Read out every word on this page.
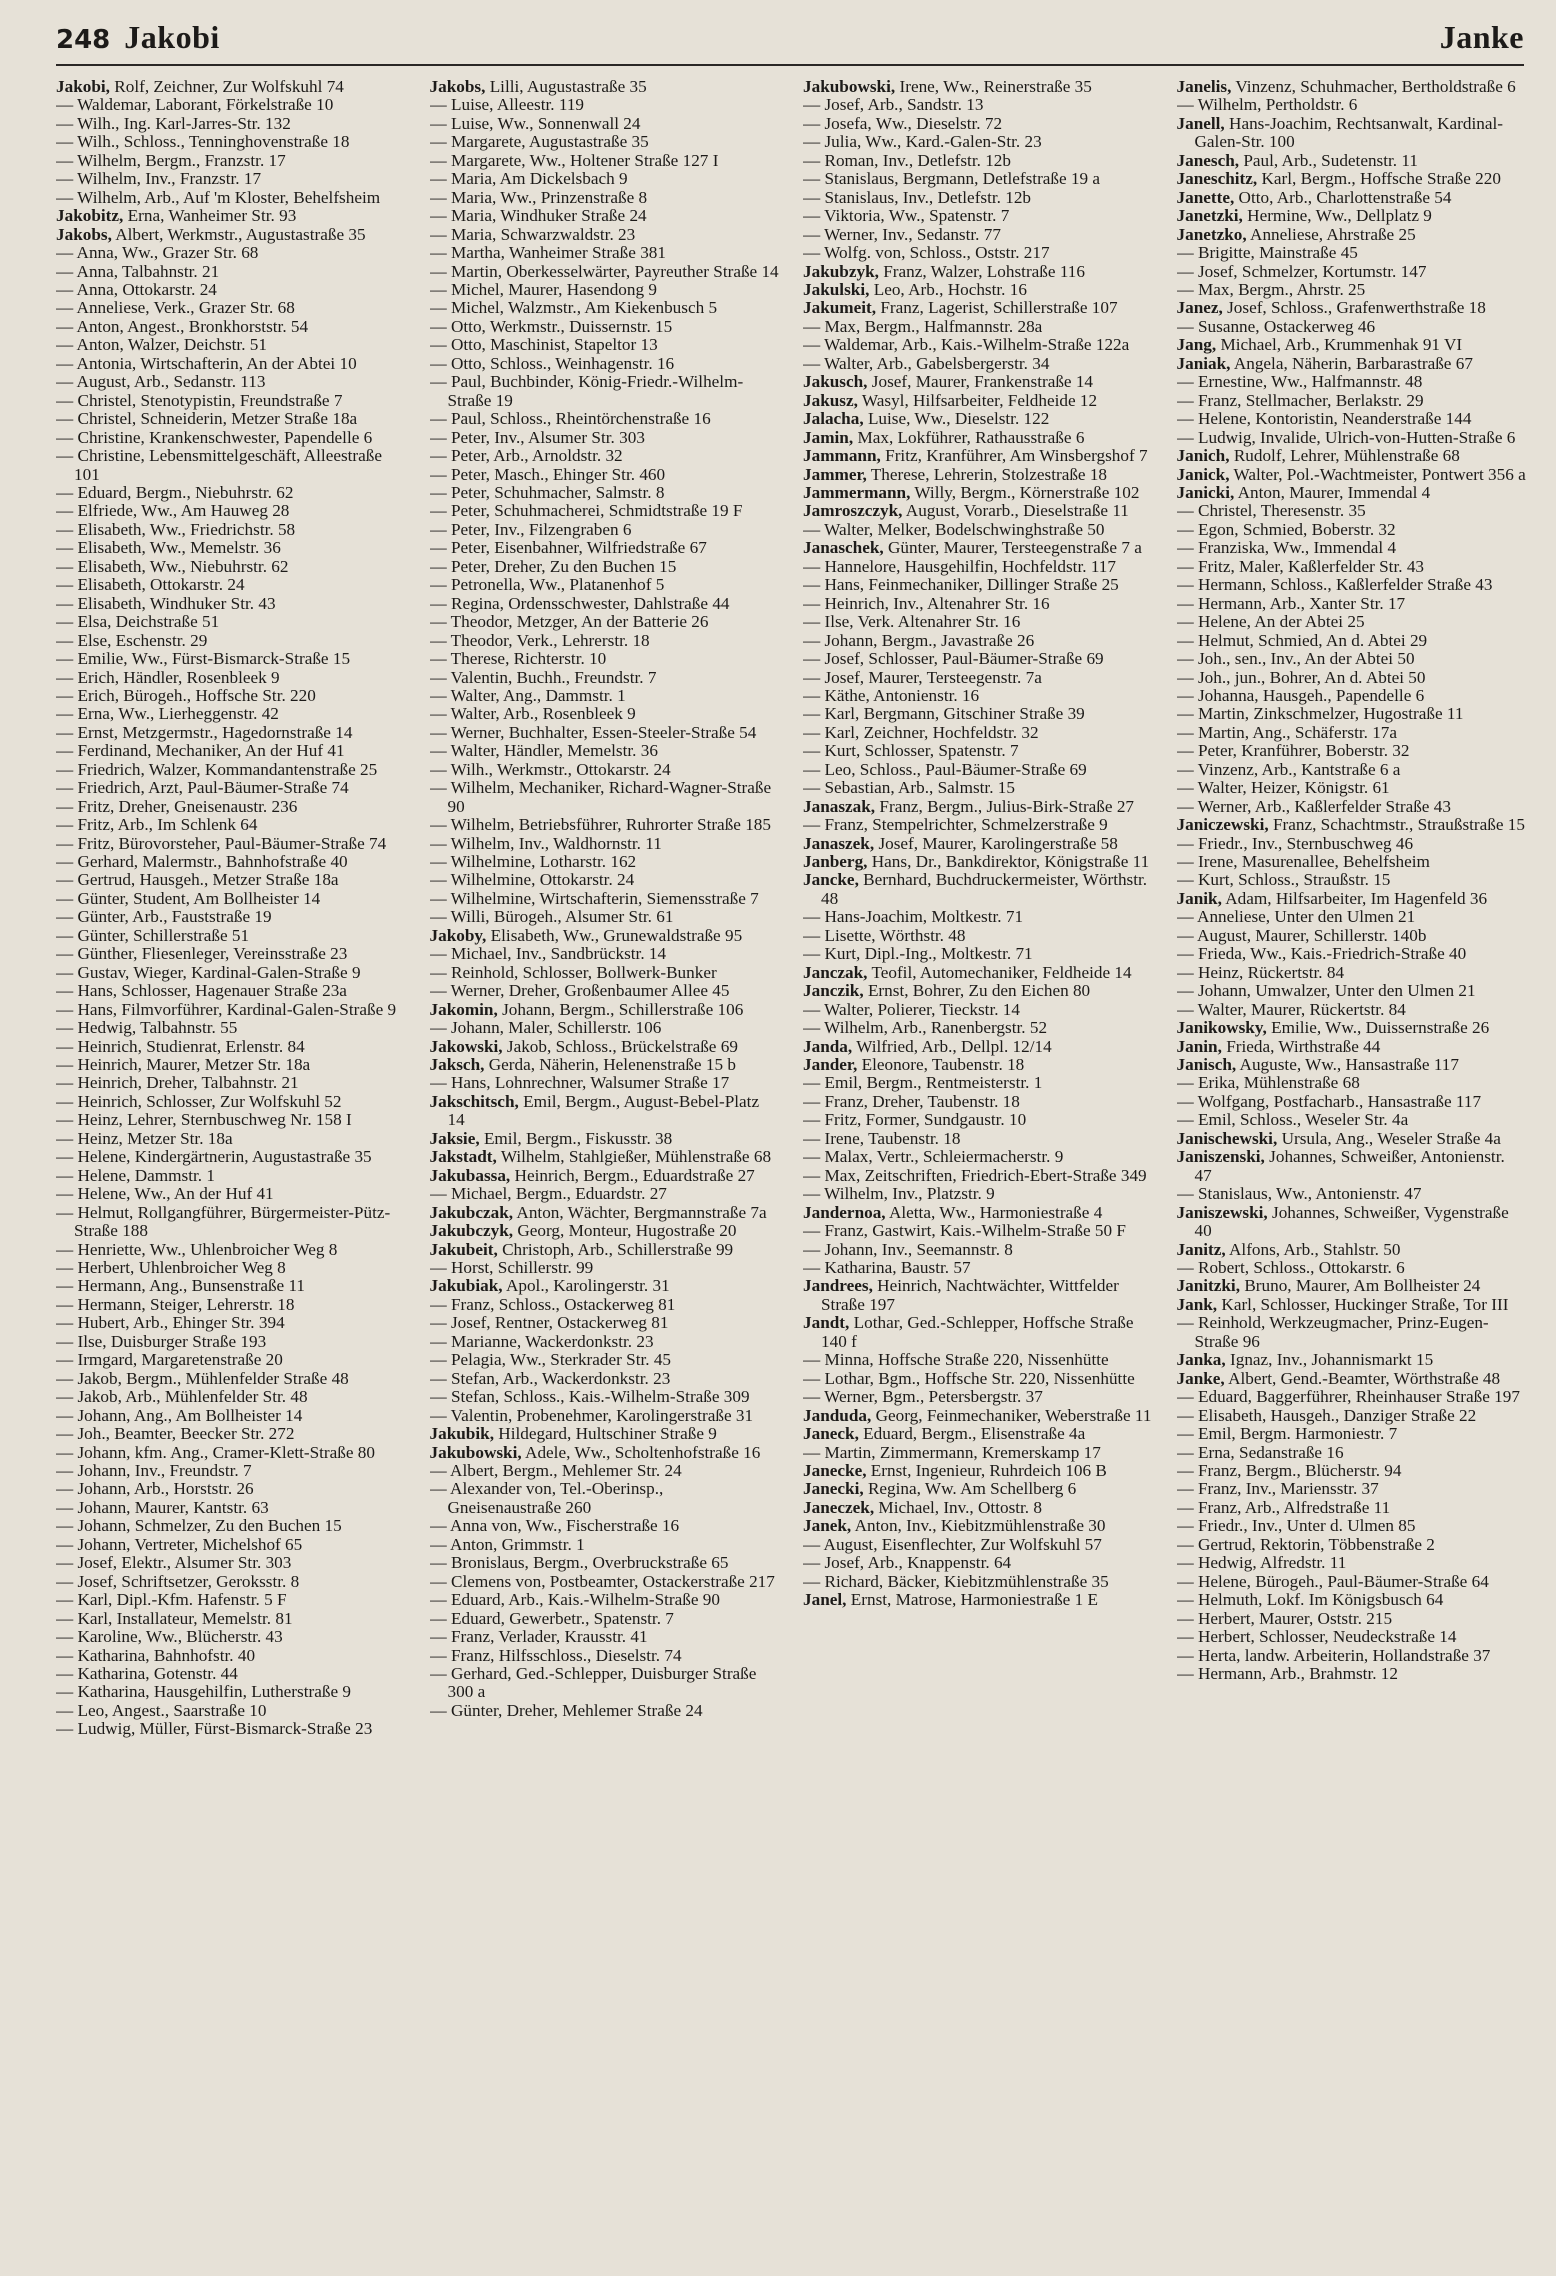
248 Jakobi	Janke
Jakobi, Rolf, Zeichner, Zur Wolfskuhl 74
— Waldemar, Laborant, Förkelstraße 10
— Wilh., Ing. Karl-Jarres-Str. 132
— Wilh., Schloss., Tenninghovenstraße 18
— Wilhelm, Bergm., Franzstr. 17
— Wilhelm, Inv., Franzstr. 17
— Wilhelm, Arb., Auf 'm Kloster, Behelfsheim
Jakobitz, Erna, Wanheimer Str. 93
Jakobs, Albert, Werkmstr., Augustastraße 35
— Anna, Ww., Grazer Str. 68
— Anna, Talbahnstr. 21
— Anna, Ottokarstr. 24
— Anneliese, Verk., Grazer Str. 68
— Anton, Angest., Bronkhorststr. 54
— Anton, Walzer, Deichstr. 51
— Antonia, Wirtschafterin, An der Abtei 10
— August, Arb., Sedanstr. 113
— Christel, Stenotypistin, Freundstraße 7
— Christel, Schneiderin, Metzer Straße 18a
— Christine, Krankenschwester, Papendelle 6
— Christine, Lebensmittelgeschäft, Alleestraße 101
— Eduard, Bergm., Niebuhrstr. 62
— Elfriede, Ww., Am Hauweg 28
— Elisabeth, Ww., Friedrichstr. 58
— Elisabeth, Ww., Memelstr. 36
— Elisabeth, Ww., Niebuhrstr. 62
— Elisabeth, Ottokarstr. 24
— Elisabeth, Windhuker Str. 43
— Elsa, Deichstraße 51
— Else, Eschenstr. 29
— Emilie, Ww., Fürst-Bismarck-Straße 15
— Erich, Händler, Rosenbleek 9
— Erich, Bürogeh., Hoffsche Str. 220
— Erna, Ww., Lierheggenstr. 42
— Ernst, Metzgermstr., Hagedornstraße 14
— Ferdinand, Mechaniker, An der Huf 41
— Friedrich, Walzer, Kommandantenstraße 25
— Friedrich, Arzt, Paul-Bäumer-Straße 74
— Fritz, Dreher, Gneisenaustr. 236
— Fritz, Arb., Im Schlenk 64
— Fritz, Bürovorsteher, Paul-Bäumer-Straße 74
— Gerhard, Malermstr., Bahnhofstraße 40
— Gertrud, Hausgeh., Metzer Straße 18a
— Günter, Student, Am Bollheister 14
— Günter, Arb., Fauststraße 19
— Günter, Schillerstraße 51
— Günther, Fliesenleger, Vereinsstraße 23
— Gustav, Wieger, Kardinal-Galen-Straße 9
— Hans, Schlosser, Hagenauer Straße 23a
— Hans, Filmvorführer, Kardinal-Galen-Straße 9
— Hedwig, Talbahnstr. 55
— Heinrich, Studienrat, Erlenstr. 84
— Heinrich, Maurer, Metzer Str. 18a
— Heinrich, Dreher, Talbahnstr. 21
— Heinrich, Schlosser, Zur Wolfskuhl 52
— Heinz, Lehrer, Sternbuschweg Nr. 158 I
— Heinz, Metzer Str. 18a
— Helene, Kindergärtnerin, Augustastraße 35
— Helene, Dammstr. 1
— Helene, Ww., An der Huf 41
— Helmut, Rollgangführer, Bürgermeister-Pütz-Straße 188
— Henriette, Ww., Uhlenbroicher Weg 8
— Herbert, Uhlenbroicher Weg 8
— Hermann, Ang., Bunsenstraße 11
— Hermann, Steiger, Lehrerstr. 18
— Hubert, Arb., Ehinger Str. 394
— Ilse, Duisburger Straße 193
— Irmgard, Margaretenstraße 20
— Jakob, Bergm., Mühlenfelder Straße 48
— Jakob, Arb., Mühlenfelder Str. 48
— Johann, Ang., Am Bollheister 14
— Joh., Beamter, Beecker Str. 272
— Johann, kfm. Ang., Cramer-Klett-Straße 80
— Johann, Inv., Freundstr. 7
— Johann, Arb., Horststr. 26
— Johann, Maurer, Kantstr. 63
— Johann, Schmelzer, Zu den Buchen 15
— Johann, Vertreter, Michelshof 65
— Josef, Elektr., Alsumer Str. 303
— Josef, Schriftsetzer, Geroksstr. 8
— Karl, Dipl.-Kfm. Hafenstr. 5 F
— Karl, Installateur, Memelstr. 81
— Karoline, Ww., Blücherstr. 43
— Katharina, Bahnhofstr. 40
— Katharina, Gotenstr. 44
— Katharina, Hausgehilfin, Lutherstraße 9
— Leo, Angest., Saarstraße 10
— Ludwig, Müller, Fürst-Bismarck-Straße 23
Jakobs, Lilli, Augustastraße 35
— Luise, Alleestr. 119
— Luise, Ww., Sonnenwall 24
— Margarete, Augustastraße 35
— Margarete, Ww., Holtener Straße 127 I
— Maria, Am Dickelsbach 9
— Maria, Ww., Prinzenstraße 8
— Maria, Windhuker Straße 24
— Maria, Schwarzwaldstr. 23
— Martha, Wanheimer Straße 381
— Martin, Oberkesselwärter, Payreuther Straße 14
— Michel, Maurer, Hasendong 9
— Michel, Walzmstr., Am Kiekenbusch 5
— Otto, Werkmstr., Duissernstr. 15
— Otto, Maschinist, Stapeltor 13
— Otto, Schloss., Weinhagenstr. 16
— Paul, Buchbinder, König-Friedr.-Wilhelm-Straße 19
— Paul, Schloss., Rheintörchenstraße 16
— Peter, Inv., Alsumer Str. 303
— Peter, Arb., Arnoldstr. 32
— Peter, Masch., Ehinger Str. 460
— Peter, Schuhmacher, Salmstr. 8
— Peter, Schuhmacherei, Schmidtstraße 19 F
— Peter, Inv., Filzengraben 6
— Peter, Eisenbahner, Wilfriedstraße 67
— Peter, Dreher, Zu den Buchen 15
— Petronella, Ww., Platanenhof 5
— Regina, Ordensschwester, Dahlstraße 44
— Theodor, Metzger, An der Batterie 26
— Theodor, Verk., Lehrerstr. 18
— Therese, Richterstr. 10
— Valentin, Buchh., Freundstr. 7
— Walter, Ang., Dammstr. 1
— Walter, Arb., Rosenbleek 9
— Werner, Buchhalter, Essen-Steeler-Straße 54
— Walter, Händler, Memelstr. 36
— Wilh., Werkmstr., Ottokarstr. 24
— Wilhelm, Mechaniker, Richard-Wagner-Straße 90
— Wilhelm, Betriebsführer, Ruhrorter Straße 185
— Wilhelm, Inv., Waldhornstr. 11
— Wilhelmine, Lotharstr. 162
— Wilhelmine, Ottokarstr. 24
— Wilhelmine, Wirtschafterin, Siemensstraße 7
— Willi, Bürogeh., Alsumer Str. 61
Jakoby, Elisabeth, Ww., Grunewaldstraße 95
— Michael, Inv., Sandbrückstr. 14
— Reinhold, Schlosser, Bollwerk-Bunker
— Werner, Dreher, Großenbaumer Allee 45
Jakomin, Johann, Bergm., Schillerstraße 106
— Johann, Maler, Schillerstr. 106
Jakowski, Jakob, Schloss., Brückelstraße 69
Jaksch, Gerda, Näherin, Helenenstraße 15 b
— Hans, Lohnrechner, Walsumer Straße 17
Jakschitsch, Emil, Bergm., August-Bebel-Platz 14
Jaksie, Emil, Bergm., Fiskusstr. 38
Jakstadt, Wilhelm, Stahlgießer, Mühlenstraße 68
Jakubassa, Heinrich, Bergm., Eduardstraße 27
— Michael, Bergm., Eduardstr. 27
Jakubczak, Anton, Wächter, Bergmannstraße 7a
Jakubczyk, Georg, Monteur, Hugostraße 20
Jakubeit, Christoph, Arb., Schillerstraße 99
— Horst, Schillerstr. 99
Jakubiak, Apol., Karolingerstr. 31
— Franz, Schloss., Ostackerweg 81
— Josef, Rentner, Ostackerweg 81
— Marianne, Wackerdonkstr. 23
— Pelagia, Ww., Sterkrader Str. 45
— Stefan, Arb., Wackerdonkstr. 23
— Stefan, Schloss., Kais.-Wilhelm-Straße 309
— Valentin, Probenehmer, Karolingerstraße 31
Jakubik, Hildegard, Hultschiner Straße 9
Jakubowski, Adele, Ww., Scholtenhofstraße 16
— Albert, Bergm., Mehlemer Str. 24
— Alexander von, Tel.-Oberinsp., Gneisenaustraße 260
— Anna von, Ww., Fischerstraße 16
— Anton, Grimmstr. 1
— Bronislaus, Bergm., Overbruckstraße 65
— Clemens von, Postbeamter, Ostackerstraße 217
— Eduard, Arb., Kais.-Wilhelm-Straße 90
— Eduard, Gewerbetr., Spatenstr. 7
— Franz, Verlader, Krausstr. 41
— Franz, Hilfsschloss., Dieselstr. 74
— Gerhard, Ged.-Schlepper, Duisburger Straße 300 a
— Günter, Dreher, Mehlemer Straße 24
Jakubowski, Irene, Ww., Reinerstraße 35
— Josef, Arb., Sandstr. 13
— Josefa, Ww., Dieselstr. 72
— Julia, Ww., Kard.-Galen-Str. 23
— Roman, Inv., Detlefstr. 12b
— Stanislaus, Bergmann, Detlefstraße 19 a
— Stanislaus, Inv., Detlefstr. 12b
— Viktoria, Ww., Spatenstr. 7
— Werner, Inv., Sedanstr. 77
— Wolfg. von, Schloss., Oststr. 217
Jakubzyk, Franz, Walzer, Lohstraße 116
Jakulski, Leo, Arb., Hochstr. 16
Jakumeit, Franz, Lagerist, Schillerstraße 107
— Max, Bergm., Halfmannstr. 28a
— Waldemar, Arb., Kais.-Wilhelm-Straße 122a
— Walter, Arb., Gabelsbergerstr. 34
Jakusch, Josef, Maurer, Frankenstraße 14
Jakusz, Wasyl, Hilfsarbeiter, Feldheide 12
Jalacha, Luise, Ww., Dieselstr. 122
Jamin, Max, Lokführer, Rathausstraße 6
Jammann, Fritz, Kranführer, Am Winsbergshof 7
Jammer, Therese, Lehrerin, Stolzestraße 18
Jammermann, Willy, Bergm., Körnerstraße 102
Jamroszczyk, August, Vorarb., Dieselstraße 11
— Walter, Melker, Bodelschwinghstraße 50
Janaschek, Günter, Maurer, Tersteegenstraße 7 a
— Hannelore, Hausgehilfin, Hochfeldstr. 117
— Hans, Feinmechaniker, Dillinger Straße 25
— Heinrich, Inv., Altenahrer Str. 16
— Ilse, Verk. Altenahrer Str. 16
— Johann, Bergm., Javastraße 26
— Josef, Schlosser, Paul-Bäumer-Straße 69
— Josef, Maurer, Tersteegenstr. 7a
— Käthe, Antonienstr. 16
— Karl, Bergmann, Gitschiner Straße 39
— Karl, Zeichner, Hochfeldstr. 32
— Kurt, Schlosser, Spatenstr. 7
— Leo, Schloss., Paul-Bäumer-Straße 69
— Sebastian, Arb., Salmstr. 15
Janaszak, Franz, Bergm., Julius-Birk-Straße 27
— Franz, Stempelrichter, Schmelzerstraße 9
Janaszek, Josef, Maurer, Karolingerstraße 58
Janberg, Hans, Dr., Bankdirektor, Königstraße 11
Jancke, Bernhard, Buchdruckermeister, Wörthstr. 48
— Hans-Joachim, Moltkestr. 71
— Lisette, Wörthstr. 48
— Kurt, Dipl.-Ing., Moltkestr. 71
Janczak, Teofil, Automechaniker, Feldheide 14
Janczik, Ernst, Bohrer, Zu den Eichen 80
— Walter, Polierer, Tieckstr. 14
— Wilhelm, Arb., Ranenbergstr. 52
Janda, Wilfried, Arb., Dellpl. 12/14
Jander, Eleonore, Taubenstr. 18
— Emil, Bergm., Rentmeisterstr. 1
— Franz, Dreher, Taubenstr. 18
— Fritz, Former, Sundgaustr. 10
— Irene, Taubenstr. 18
— Malax, Vertr., Schleiermacherstr. 9
— Max, Zeitschriften, Friedrich-Ebert-Straße 349
— Wilhelm, Inv., Platzstr. 9
Jandernoa, Aletta, Ww., Harmoniestraße 4
— Franz, Gastwirt, Kais.-Wilhelm-Straße 50 F
— Johann, Inv., Seemannstr. 8
— Katharina, Baustr. 57
Jandrees, Heinrich, Nachtwächter, Wittfelder Straße 197
Jandt, Lothar, Ged.-Schlepper, Hoffsche Straße 140 f
— Minna, Hoffsche Straße 220, Nissenhütte
— Lothar, Bgm., Hoffsche Str. 220, Nissenhütte
— Werner, Bgm., Petersbergstr. 37
Janduda, Georg, Feinmechaniker, Weberstraße 11
Janeck, Eduard, Bergm., Elisenstraße 4a
— Martin, Zimmermann, Kremerskamp 17
Janecke, Ernst, Ingenieur, Ruhrdeich 106 B
Janecki, Regina, Ww. Am Schellberg 6
Janeczek, Michael, Inv., Ottostr. 8
Janek, Anton, Inv., Kiebitzmühlenstraße 30
— August, Eisenflechter, Zur Wolfskuhl 57
— Josef, Arb., Knappenstr. 64
— Richard, Bäcker, Kiebitzmühlenstraße 35
Janel, Ernst, Matrose, Harmoniestraße 1 E
Janelis, Vinzenz, Schuhmacher, Bertholdstraße 6
— Wilhelm, Pertholdstr. 6
Janell, Hans-Joachim, Rechtsanwalt, Kardinal-Galen-Str. 100
Janesch, Paul, Arb., Sudetenstr. 11
Janeschitz, Karl, Bergm., Hoffsche Straße 220
Janette, Otto, Arb., Charlottenstraße 54
Janetzki, Hermine, Ww., Dellplatz 9
Janetzko, Anneliese, Ahrstraße 25
— Brigitte, Mainstraße 45
— Josef, Schmelzer, Kortumstr. 147
— Max, Bergm., Ahrstr. 25
Janez, Josef, Schloss., Grafenwerthstraße 18
— Susanne, Ostackerweg 46
Jang, Michael, Arb., Krummenhak 91 VI
Janiak, Angela, Näherin, Barbarastraße 67
— Ernestine, Ww., Halfmannstr. 48
— Franz, Stellmacher, Berlakstr. 29
— Helene, Kontoristin, Neanderstraße 144
— Ludwig, Invalide, Ulrich-von-Hutten-Straße 6
Janich, Rudolf, Lehrer, Mühlenstraße 68
Janick, Walter, Pol.-Wachtmeister, Pontwert 356 a
Janicki, Anton, Maurer, Immendal 4
— Christel, Theresenstr. 35
— Egon, Schmied, Boberstr. 32
— Franziska, Ww., Immendal 4
— Fritz, Maler, Kaßlerfelder Str. 43
— Hermann, Schloss., Kaßlerfelder Straße 43
— Hermann, Arb., Xanter Str. 17
— Helene, An der Abtei 25
— Helmut, Schmied, An d. Abtei 29
— Joh., sen., Inv., An der Abtei 50
— Joh., jun., Bohrer, An d. Abtei 50
— Johanna, Hausgeh., Papendelle 6
— Martin, Zinkschmelzer, Hugostraße 11
— Martin, Ang., Schäferstr. 17a
— Peter, Kranführer, Boberstr. 32
— Vinzenz, Arb., Kantstraße 6 a
— Walter, Heizer, Königstr. 61
— Werner, Arb., Kaßlerfelder Straße 43
Janiczewski, Franz, Schachtmstr., Straußstraße 15
— Friedr., Inv., Sternbuschweg 46
— Irene, Masurenallee, Behelfsheim
— Kurt, Schloss., Straußstr. 15
Janik, Adam, Hilfsarbeiter, Im Hagenfeld 36
— Anneliese, Unter den Ulmen 21
— August, Maurer, Schillerstr. 140b
— Frieda, Ww., Kais.-Friedrich-Straße 40
— Heinz, Rückertstr. 84
— Johann, Umwalzer, Unter den Ulmen 21
— Walter, Maurer, Rückertstr. 84
Janikowsky, Emilie, Ww., Duissernstraße 26
Janin, Frieda, Wirthstraße 44
Janisch, Auguste, Ww., Hansastraße 117
— Erika, Mühlenstraße 68
— Wolfgang, Postfacharb., Hansastraße 117
— Emil, Schloss., Weseler Str. 4a
Janischewski, Ursula, Ang., Weseler Straße 4a
Janiszenski, Johannes, Schweißer, Antonienstr. 47
— Stanislaus, Ww., Antonienstr. 47
Janiszewski, Johannes, Schweißer, Vygenstraße 40
Janitz, Alfons, Arb., Stahlstr. 50
— Robert, Schloss., Ottokarstr. 6
Janitzki, Bruno, Maurer, Am Bollheister 24
Jank, Karl, Schlosser, Huckinger Straße, Tor III
— Reinhold, Werkzeugmacher, Prinz-Eugen-Straße 96
Janka, Ignaz, Inv., Johannismarkt 15
Janke, Albert, Gend.-Beamter, Wörthstraße 48
— Eduard, Baggerführer, Rheinhauser Straße 197
— Elisabeth, Hausgeh., Danziger Straße 22
— Emil, Bergm. Harmoniestr. 7
— Erna, Sedanstraße 16
— Franz, Bergm., Blücherstr. 94
— Franz, Inv., Mariensstr. 37
— Franz, Arb., Alfredstraße 11
— Friedr., Inv., Unter d. Ulmen 85
— Gertrud, Rektorin, Többenstraße 2
— Hedwig, Alfredstr. 11
— Helene, Bürogeh., Paul-Bäumer-Straße 64
— Helmuth, Lokf. Im Königsbusch 64
— Herbert, Maurer, Oststr. 215
— Herbert, Schlosser, Neudeckstraße 14
— Herta, landw. Arbeiterin, Hollandstraße 37
— Hermann, Arb., Brahmstr. 12
